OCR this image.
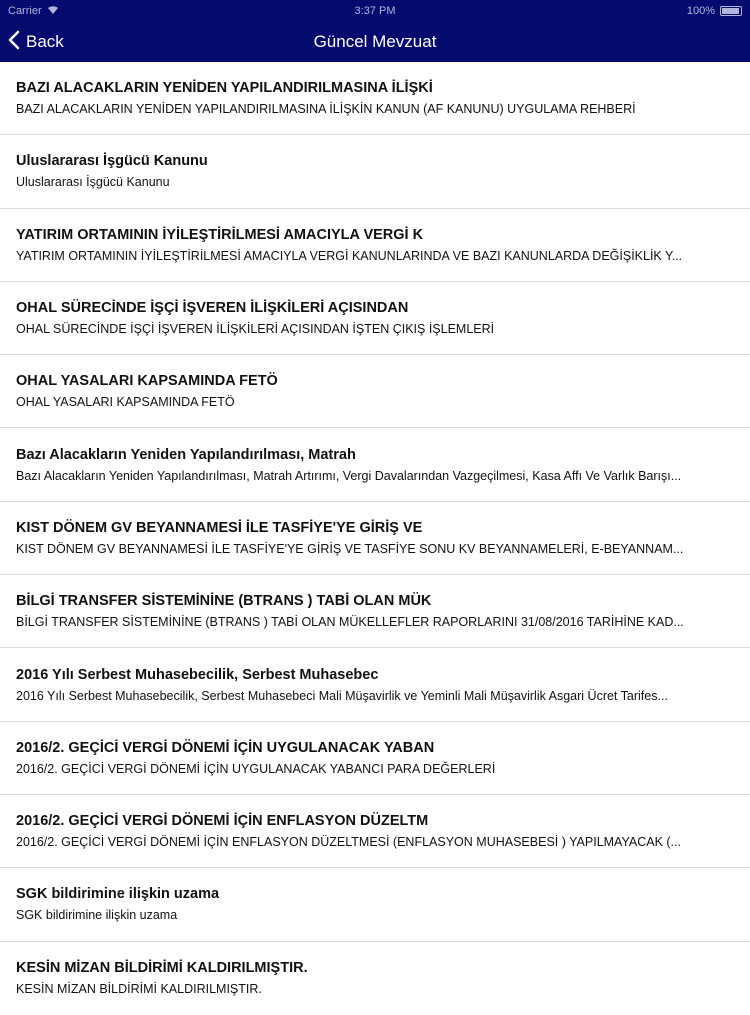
Carrier	3:37 PM	100%
Back	Güncel Mevzuat
BAZI ALACAKLARIN YENİDEN YAPILANDIRILMASINA İLİŞKİ
BAZI ALACAKLARIN YENİDEN YAPILANDIRILMASINA İLİŞKİN KANUN (AF KANUNU) UYGULAMA REHBERİ
Uluslararası İşgücü Kanunu
Uluslararası İşgücü Kanunu
YATIRIM ORTAMININ İYİLEŞTİRİLMESİ AMACIYLA VERGİ K
YATIRIM ORTAMININ İYİLEŞTİRİLMESİ AMACIYLA VERGİ KANUNLARINDA VE BAZI KANUNLARDA DEĞİŞİKLİK Y...
OHAL SÜRECİNDE İŞÇİ İŞVEREN İLİŞKİLERİ AÇISINDAN
OHAL SÜRECİNDE İŞÇİ İŞVEREN İLİŞKİLERİ AÇISINDAN İŞTEN ÇIKIŞ İŞLEMLERİ
OHAL YASALARI KAPSAMINDA FETÖ
OHAL YASALARI KAPSAMINDA FETÖ
Bazı Alacakların Yeniden Yapılandırılması, Matrah
Bazı Alacakların Yeniden Yapılandırılması, Matrah Artırımı, Vergi Davalarından Vazgeçilmesi, Kasa Affı Ve Varlık Barışı...
KIST DÖNEM GV BEYANNAMESİ İLE TASFİYE'YE GİRİŞ VE
KIST DÖNEM GV BEYANNAMESİ İLE TASFİYE'YE GİRİŞ VE TASFİYE SONU KV BEYANNAMELERİ, E-BEYANNAM...
BİLGİ TRANSFER SİSTEMİNİNE (BTRANS ) TABİ OLAN MÜK
BİLGİ TRANSFER SİSTEMİNİNE (BTRANS ) TABİ OLAN MÜKELLEFLER RAPORLARINI 31/08/2016 TARİHİNE KAD...
2016 Yılı Serbest Muhasebecilik, Serbest Muhasebec
2016 Yılı Serbest Muhasebecilik, Serbest Muhasebeci Mali Müşavirlik ve Yeminli Mali Müşavirlik Asgari Ücret Tarifes...
2016/2. GEÇİCİ VERGİ DÖNEMİ İÇİN UYGULANACAK YABAN
2016/2. GEÇİCİ VERGİ DÖNEMİ İÇİN UYGULANACAK YABANCI PARA DEĞERLERİ
2016/2. GEÇİCİ VERGİ DÖNEMİ İÇİN ENFLASYON DÜZELTM
2016/2. GEÇİCİ VERGİ DÖNEMİ İÇİN ENFLASYON DÜZELTMESİ (ENFLASYON MUHASEBESİ ) YAPILMAYACAK (...
SGK bildirimine ilişkin uzama
SGK bildirimine ilişkin uzama
KESİN MİZAN BİLDİRİMİ KALDIRILMIŞTIR.
KESİN MİZAN BİLDİRİMİ KALDIRILMIŞTIR.
